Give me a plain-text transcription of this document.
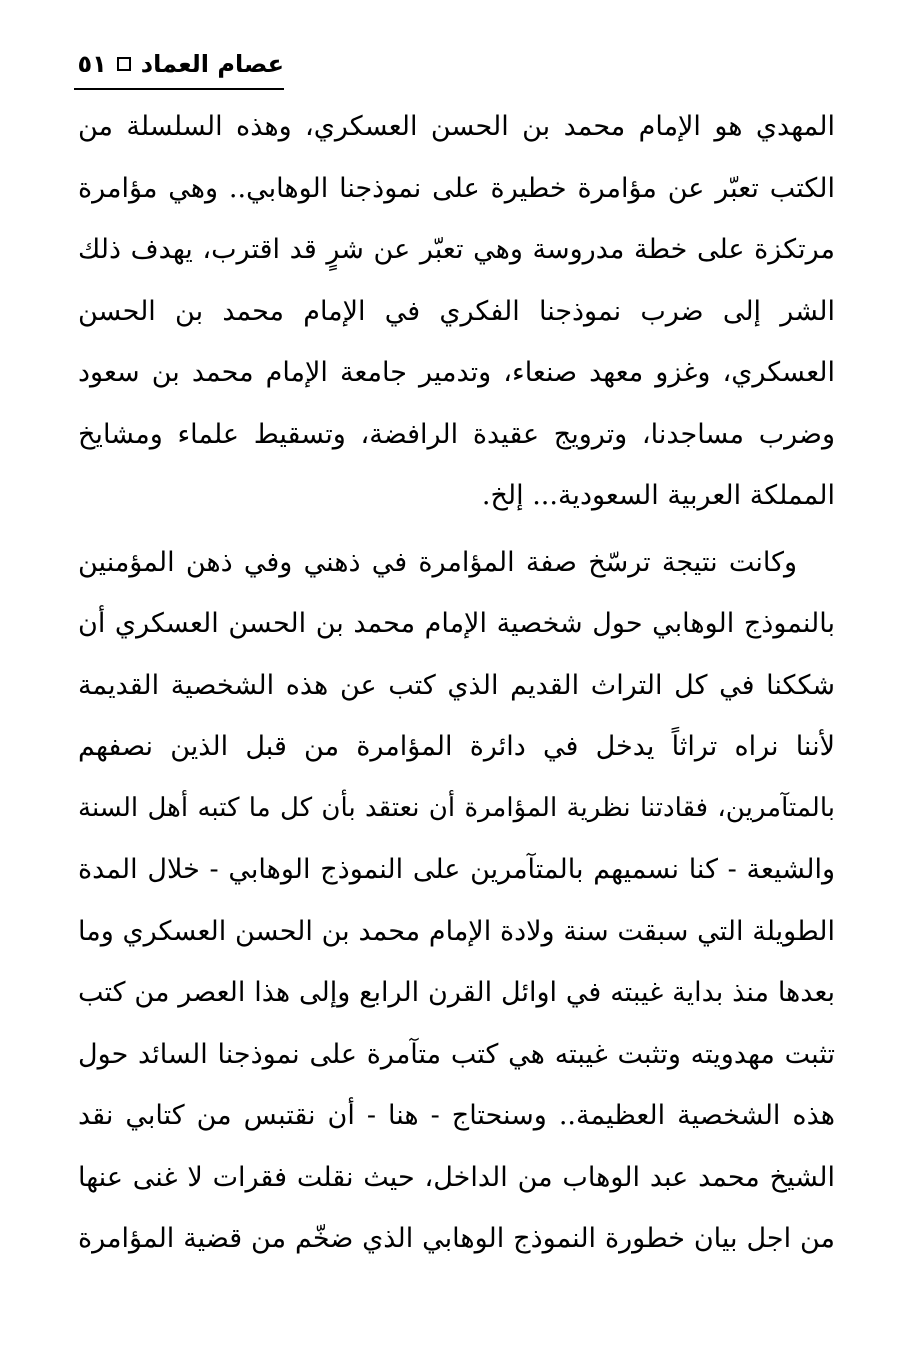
عصام العماد
٥١
المهدي هو الإمام محمد بن الحسن العسكري، وهذه السلسلة من
الكتب تعبّر عن مؤامرة خطيرة على نموذجنا الوهابي.. وهي مؤامرة
مرتكزة على خطة مدروسة وهي تعبّر عن شرٍ قد اقترب، يهدف ذلك
الشر إلى ضرب نموذجنا الفكري في الإمام محمد بن الحسن
العسكري، وغزو معهد صنعاء، وتدمير جامعة الإمام محمد بن سعود
وضرب مساجدنا، وترويج عقيدة الرافضة، وتسقيط علماء ومشايخ
المملكة العربية السعودية... إلخ.
وكانت نتيجة ترسّخ صفة المؤامرة في ذهني وفي ذهن المؤمنين
بالنموذج الوهابي حول شخصية الإمام محمد بن الحسن العسكري أن
شككنا في كل التراث القديم الذي كتب عن هذه الشخصية القديمة
لأننا نراه تراثاً يدخل في دائرة المؤامرة من قبل الذين نصفهم
بالمتآمرين، فقادتنا نظرية المؤامرة أن نعتقد بأن كل ما كتبه أهل السنة
والشيعة - كنا نسميهم بالمتآمرين على النموذج الوهابي - خلال المدة
الطويلة التي سبقت سنة ولادة الإمام محمد بن الحسن العسكري وما
بعدها منذ بداية غيبته في اوائل القرن الرابع وإلى هذا العصر من كتب
تثبت مهدويته وتثبت غيبته هي كتب متآمرة على نموذجنا السائد حول
هذه الشخصية العظيمة.. وسنحتاج - هنا - أن نقتبس من كتابي نقد
الشيخ محمد عبد الوهاب من الداخل، حيث نقلت فقرات لا غنى عنها
من اجل بيان خطورة النموذج الوهابي الذي ضخّم من قضية المؤامرة
